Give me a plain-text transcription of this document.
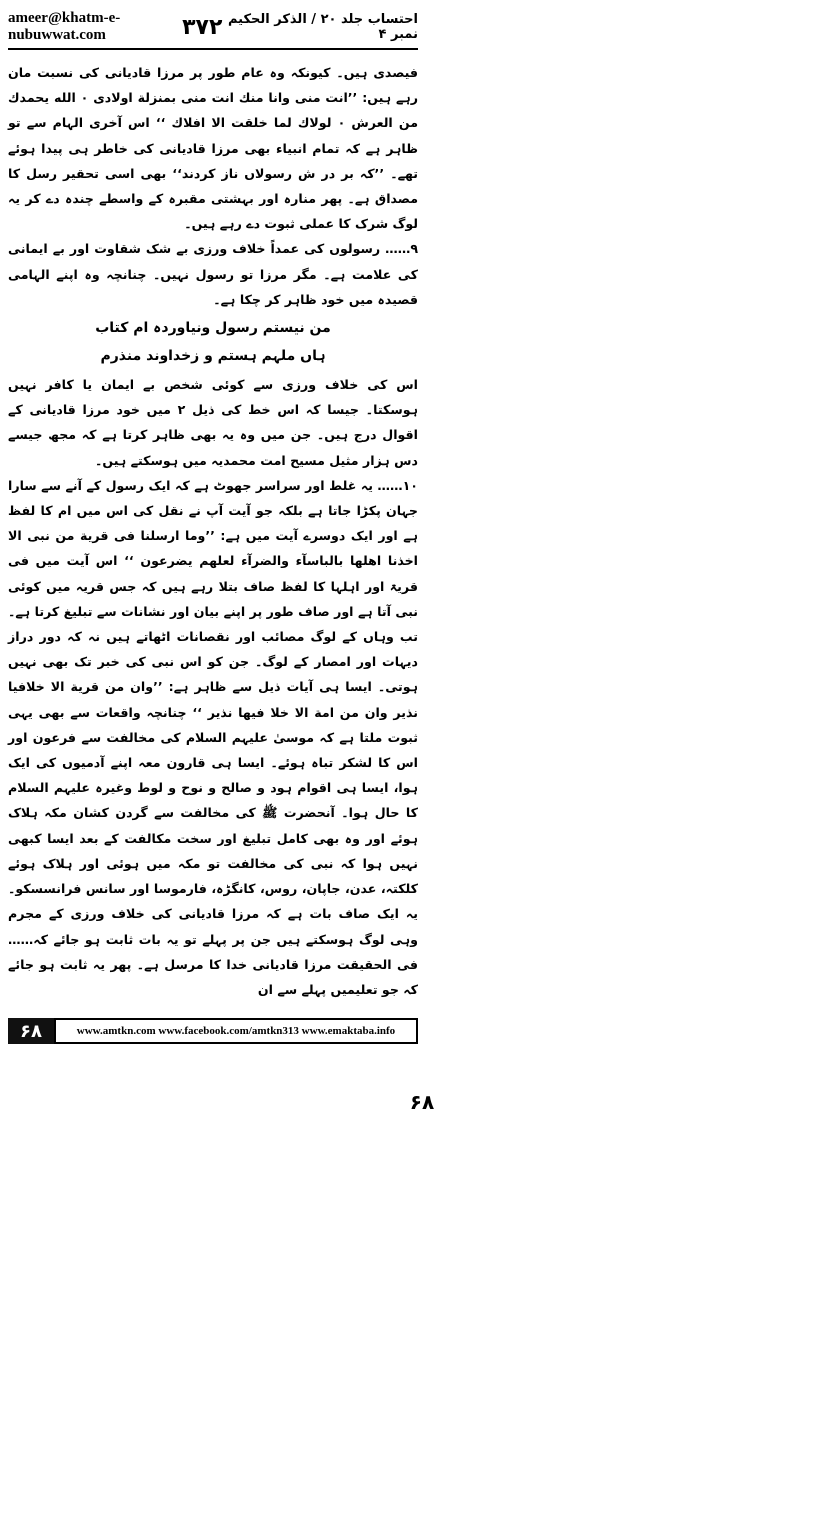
ameer@khatm-e-nubuwwat.com	۳۷۲ احتساب جلد ۲۰ / الذکر الحکیم نمبر ۴

فیصدی ہیں۔ کیونکہ وہ عام طور پر مرزا قادیانی کی نسبت مان رہے ہیں: ’’انت منی وانا منك انت منی بمنزلة اولادی ۰ الله یحمدك من العرش ۰ لولاك لما خلقت الا افلاك ‘‘ اس آخری الہام سے تو ظاہر ہے کہ تمام انبیاء بھی مرزا قادیانی کی خاطر ہی پیدا ہوئے تھے۔ ’’کہ بر در ش رسولاں ناز کردند‘‘ بھی اسی تحقیر رسل کا مصداق ہے۔ پھر منارہ اور بہشتی مقبرہ کے واسطے چندہ دے کر یہ لوگ شرک کا عملی ثبوت دے رہے ہیں۔

۹…… رسولوں کی عمداً خلاف ورزی بے شک شقاوت اور بے ایمانی کی علامت ہے۔ مگر مرزا تو رسول نہیں۔ چنانچہ وہ اپنے الہامی قصیدہ میں خود ظاہر کر چکا ہے۔

من نیستم رسول ونیاوردہ ام کتاب
ہاں ملہم ہستم و زخداوند منذرم

اس کی خلاف ورزی سے کوئی شخص بے ایمان یا کافر نہیں ہوسکتا۔ جیسا کہ اس خط کی ذیل ۲ میں خود مرزا قادیانی کے اقوال درج ہیں۔ جن میں وہ یہ بھی ظاہر کرتا ہے کہ مجھ جیسے دس ہزار مثیل مسیح امت محمدیہ میں ہوسکتے ہیں۔

۱۰…… یہ غلط اور سراسر جھوٹ ہے کہ ایک رسول کے آنے سے سارا جہان پکڑا جاتا ہے بلکہ جو آیت آپ نے نقل کی اس میں ام کا لفظ ہے اور ایک دوسرے آیت میں ہے: ’’وما ارسلنا فی قریة من نبی الا اخذنا اهلها بالباسآء والضرآء لعلهم یضرعون ‘‘ اس آیت میں فی قریۃ اور اہلہا کا لفظ صاف بتلا رہے ہیں کہ جس قریہ میں کوئی نبی آتا ہے اور صاف طور پر اپنے بیان اور نشانات سے تبلیغ کرتا ہے۔ تب وہاں کے لوگ مصائب اور نقصانات اٹھاتے ہیں نہ کہ دور دراز دیہات اور امصار کے لوگ۔ جن کو اس نبی کی خبر تک بھی نہیں ہوتی۔ ایسا ہی آیات ذیل سے ظاہر ہے: ’’وان من قرية الا خلافيا نذير وان من امة الا خلا فيها نذير ‘‘ چنانچہ واقعات سے بھی یہی ثبوت ملتا ہے کہ موسیٰ علیہم السلام کی مخالفت سے فرعون اور اس کا لشکر تباہ ہوئے۔ ایسا ہی قارون معہ اپنے آدمیوں کی ایک ہوا، ایسا ہی اقوام ہود و صالح و نوح و لوط وغیرہ علیہم السلام کا حال ہوا۔ آنحضرت ﷺ کی مخالفت سے گردن کشان مکہ ہلاک ہوئے اور وہ بھی کامل تبلیغ اور سخت مکالفت کے بعد ایسا کبھی نہیں ہوا کہ نبی کی مخالفت تو مکہ میں ہوئی اور ہلاک ہوئے کلکتہ، عدن، جاپان، روس، کانگڑہ، فارموسا اور سانس فرانسسکو۔ یہ ایک صاف بات ہے کہ مرزا قادیانی کی خلاف ورزی کے مجرم وہی لوگ ہوسکتے ہیں جن پر پہلے تو یہ بات ثابت ہو جائے کہ…… فی الحقیقت مرزا قادیانی خدا کا مرسل ہے۔ پھر یہ ثابت ہو جائے کہ جو تعلیمیں پہلے سے ان

۶۸	www.amtkn.com www.facebook.com/amtkn313 www.emaktaba.info
۶۸
